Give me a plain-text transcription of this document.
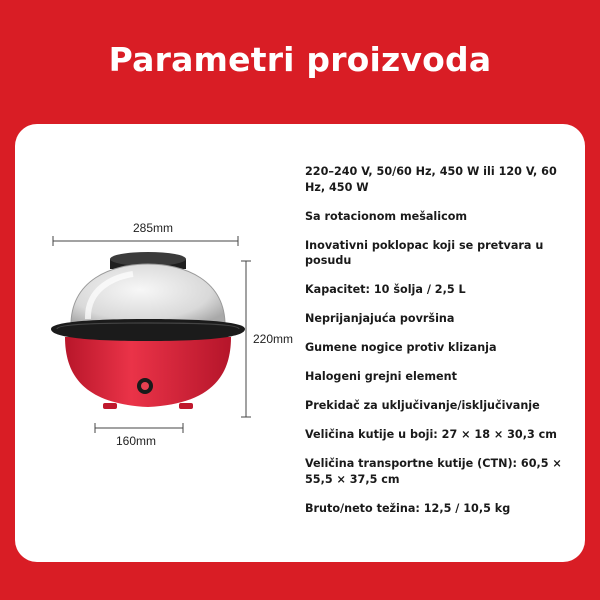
Parametri proizvoda
285mm
220mm
160mm
220–240 V, 50/60 Hz, 450 W ili 120 V, 60 Hz, 450 W
Sa rotacionom mešalicom
Inovativni poklopac koji se pretvara u posudu
Kapacitet: 10 šolja / 2,5 L
Neprijanjajuća površina
Gumene nogice protiv klizanja
Halogeni grejni element
Prekidač za uključivanje/isključivanje
Veličina kutije u boji: 27 × 18 × 30,3 cm
Veličina transportne kutije (CTN): 60,5 × 55,5 × 37,5 cm
Bruto/neto težina: 12,5 / 10,5 kg
